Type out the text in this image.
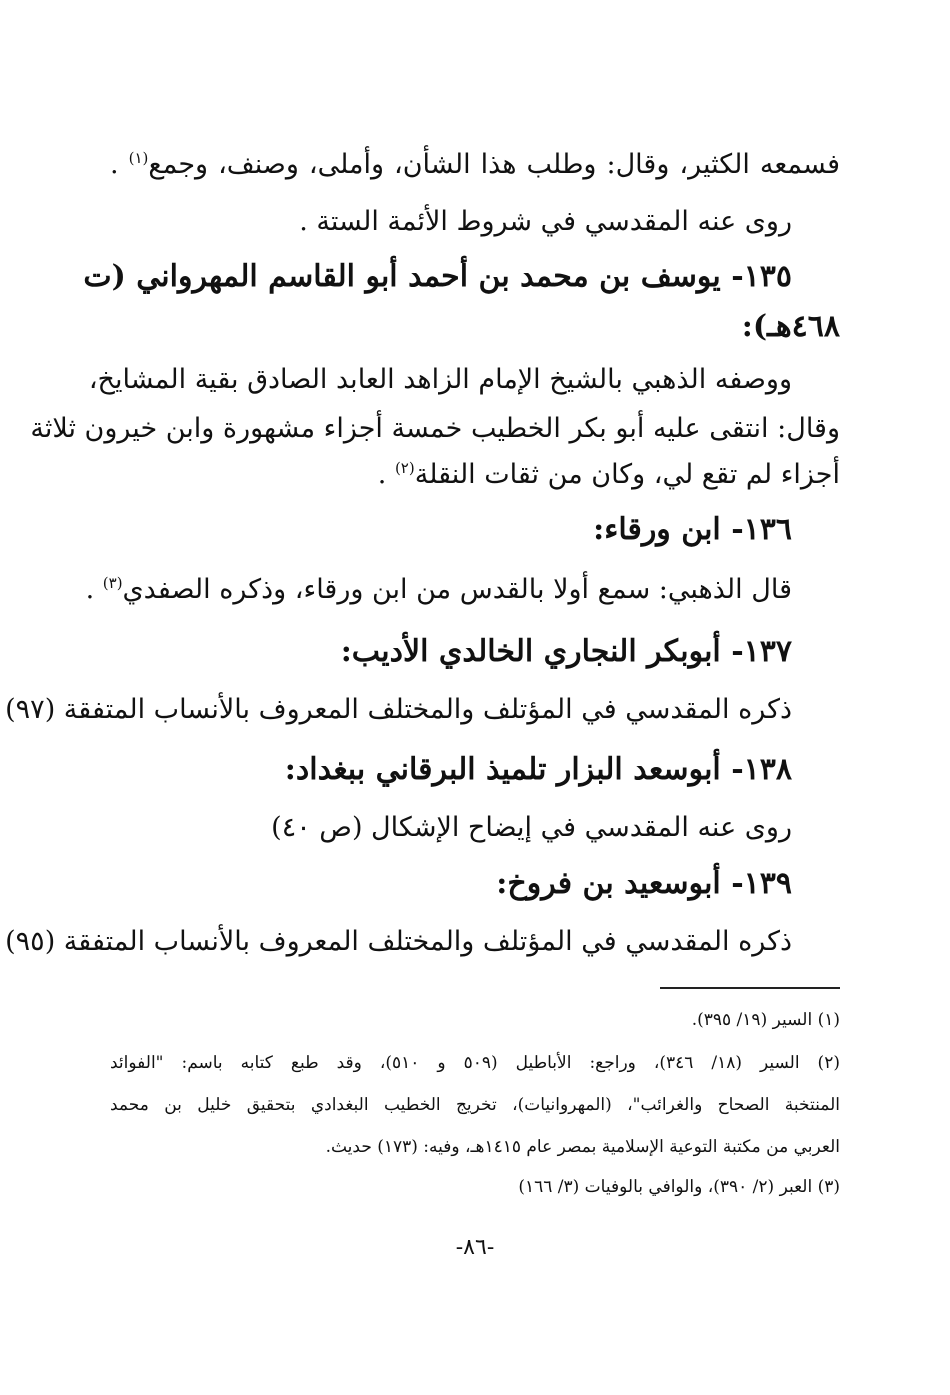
فسمعه الكثير، وقال: وطلب هذا الشأن، وأملى، وصنف، وجمع$^{(١)}$ .
روى عنه المقدسي في شروط الأئمة الستة .
١٣٥- يوسف بن محمد بن أحمد أبو القاسم المهرواني (ت
٤٦٨هـ):
ووصفه الذهبي بالشيخ الإمام الزاهد العابد الصادق بقية المشايخ،
وقال: انتقى عليه أبو بكر الخطيب خمسة أجزاء مشهورة وابن خيرون ثلاثة
أجزاء لم تقع لي، وكان من ثقات النقلة$^{(٢)}$ .
١٣٦- ابن ورقاء:
قال الذهبي: سمع أولا بالقدس من ابن ورقاء، وذكره الصفدي$^{(٣)}$ .
١٣٧- أبوبكر النجاري الخالدي الأديب:
ذكره المقدسي في المؤتلف والمختلف المعروف بالأنساب المتفقة (٩٧)
١٣٨- أبوسعد البزار تلميذ البرقاني ببغداد:
روى عنه المقدسي في إيضاح الإشكال (ص ٤٠)
١٣٩- أبوسعيد بن فروخ:
ذكره المقدسي في المؤتلف والمختلف المعروف بالأنساب المتفقة (٩٥)
(١) السير (١٩/ ٣٩٥).
(٢) السير (١٨/ ٣٤٦)، وراجع: الأباطيل (٥٠٩ و ٥١٠)، وقد طبع كتابه باسم: "الفوائد
المنتخبة الصحاح والغرائب"، (المهروانيات)، تخريج الخطيب البغدادي بتحقيق خليل بن محمد
العربي من مكتبة التوعية الإسلامية بمصر عام ١٤١٥هـ، وفيه: (١٧٣) حديث.
(٣) العبر (٢/ ٣٩٠)، والوافي بالوفيات (٣/ ١٦٦)
-٨٦-
